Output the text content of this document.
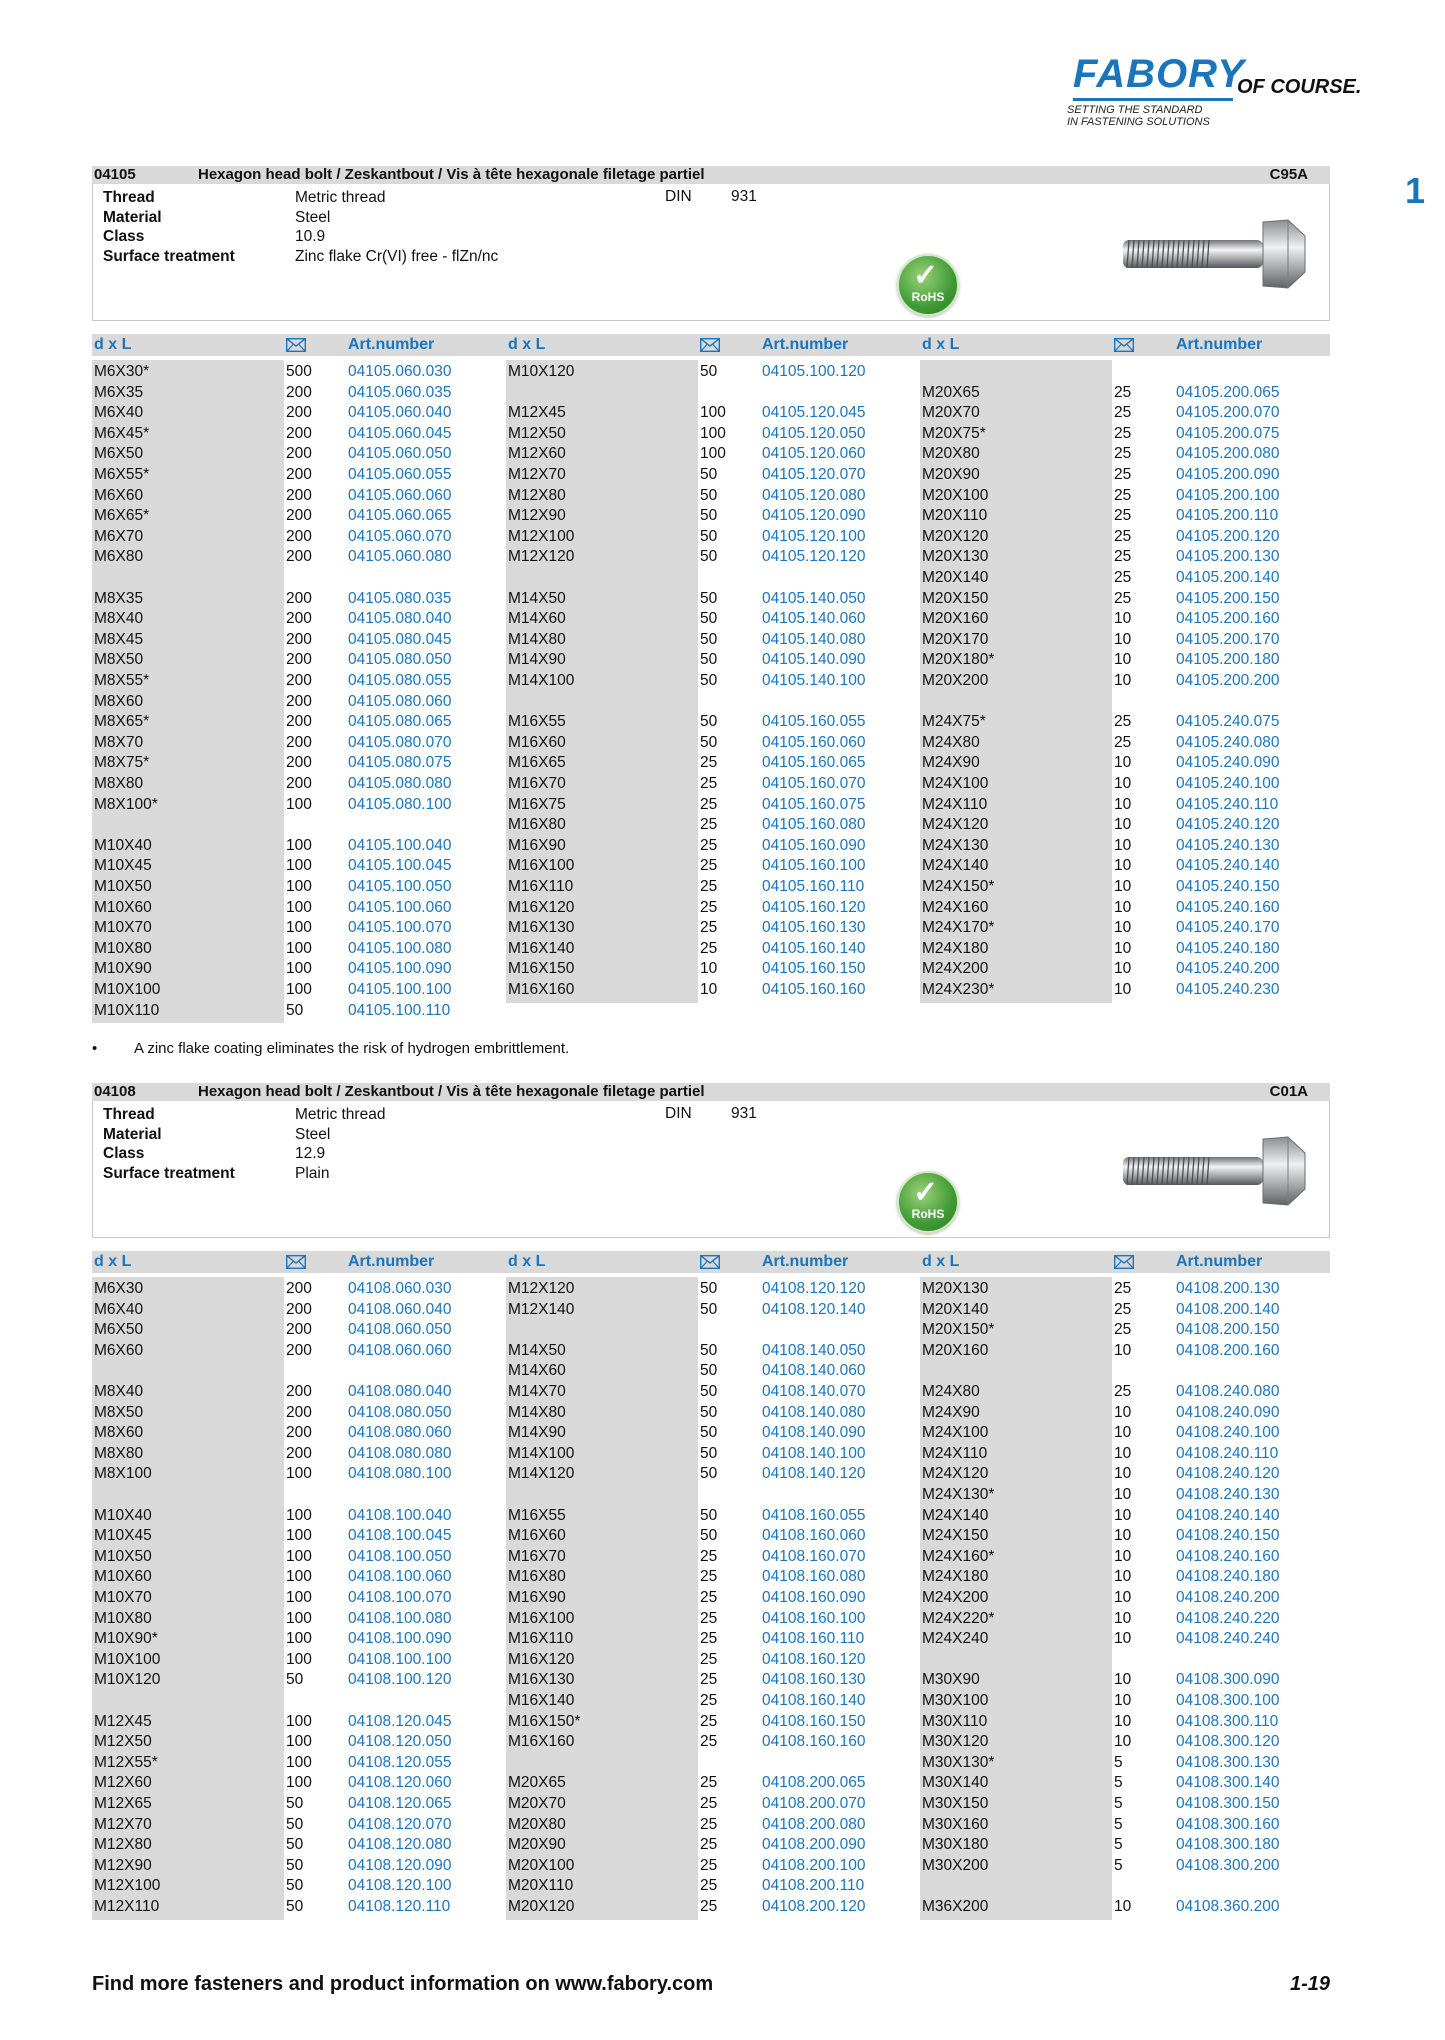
FABORY
OF COURSE.
SETTING THE STANDARD
IN FASTENING SOLUTIONS
1
04105	Hexagon head bolt / Zeskantbout / Vis à tête hexagonale filetage partiel	C95A
Thread	Metric thread
Material	Steel
Class	10.9
Surface treatment	Zinc flake Cr(VI) free - flZn/nc
DIN	931
✓
RoHS
d x L	Art.number	d x L	Art.number	d x L	Art.number
M6X30*	500 04105.060.030
M6X35	200 04105.060.035
M6X40	200 04105.060.040
M6X45*	200 04105.060.045
M6X50	200 04105.060.050
M6X55*	200 04105.060.055
M6X60	200 04105.060.060
M6X65*	200 04105.060.065
M6X70	200 04105.060.070
M6X80	200 04105.060.080
M8X35	200 04105.080.035
M8X40	200 04105.080.040
M8X45	200 04105.080.045
M8X50	200 04105.080.050
M8X55*	200 04105.080.055
M8X60	200 04105.080.060
M8X65*	200 04105.080.065
M8X70	200 04105.080.070
M8X75*	200 04105.080.075
M8X80	200 04105.080.080
M8X100*	100 04105.080.100
M10X40	100 04105.100.040
M10X45	100 04105.100.045
M10X50	100 04105.100.050
M10X60	100 04105.100.060
M10X70	100 04105.100.070
M10X80	100 04105.100.080
M10X90	100 04105.100.090
M10X100	100 04105.100.100
M10X110	50	04105.100.110
M10X120	50	04105.100.120
M12X45	100 04105.120.045
M12X50	100 04105.120.050
M12X60	100 04105.120.060
M12X70	50	04105.120.070
M12X80	50	04105.120.080
M12X90	50	04105.120.090
M12X100	50	04105.120.100
M12X120	50	04105.120.120
M14X50	50	04105.140.050
M14X60	50	04105.140.060
M14X80	50	04105.140.080
M14X90	50	04105.140.090
M14X100	50	04105.140.100
M16X55	50	04105.160.055
M16X60	50	04105.160.060
M16X65	25	04105.160.065
M16X70	25	04105.160.070
M16X75	25	04105.160.075
M16X80	25	04105.160.080
M16X90	25	04105.160.090
M16X100	25	04105.160.100
M16X110	25	04105.160.110
M16X120	25	04105.160.120
M16X130	25	04105.160.130
M16X140	25	04105.160.140
M16X150	10	04105.160.150
M16X160	10	04105.160.160
M20X65	25	04105.200.065
M20X70	25	04105.200.070
M20X75*	25	04105.200.075
M20X80	25	04105.200.080
M20X90	25	04105.200.090
M20X100	25	04105.200.100
M20X110	25	04105.200.110
M20X120	25	04105.200.120
M20X130	25	04105.200.130
M20X140	25	04105.200.140
M20X150	25	04105.200.150
M20X160	10	04105.200.160
M20X170	10	04105.200.170
M20X180*	10	04105.200.180
M20X200	10	04105.200.200
M24X75*	25	04105.240.075
M24X80	25	04105.240.080
M24X90	10	04105.240.090
M24X100	10	04105.240.100
M24X110	10	04105.240.110
M24X120	10	04105.240.120
M24X130	10	04105.240.130
M24X140	10	04105.240.140
M24X150*	10	04105.240.150
M24X160	10	04105.240.160
M24X170*	10	04105.240.170
M24X180	10	04105.240.180
M24X200	10	04105.240.200
M24X230*	10	04105.240.230
• A zinc flake coating eliminates the risk of hydrogen embrittlement.
04108	Hexagon head bolt / Zeskantbout / Vis à tête hexagonale filetage partiel	C01A
Thread	Metric thread
Material	Steel
Class	12.9
Surface treatment	Plain
DIN	931
✓
RoHS
d x L	Art.number	d x L	Art.number	d x L	Art.number
M6X30	200 04108.060.030
M6X40	200 04108.060.040
M6X50	200 04108.060.050
M6X60	200 04108.060.060
M8X40	200 04108.080.040
M8X50	200 04108.080.050
M8X60	200 04108.080.060
M8X80	200 04108.080.080
M8X100	100 04108.080.100
M10X40	100 04108.100.040
M10X45	100 04108.100.045
M10X50	100 04108.100.050
M10X60	100 04108.100.060
M10X70	100 04108.100.070
M10X80	100 04108.100.080
M10X90*	100 04108.100.090
M10X100	100 04108.100.100
M10X120	50	04108.100.120
M12X45	100 04108.120.045
M12X50	100 04108.120.050
M12X55*	100 04108.120.055
M12X60	100 04108.120.060
M12X65	50	04108.120.065
M12X70	50	04108.120.070
M12X80	50	04108.120.080
M12X90	50	04108.120.090
M12X100	50	04108.120.100
M12X110	50	04108.120.110
M12X120	50	04108.120.120
M12X140	50	04108.120.140
M14X50	50	04108.140.050
M14X60	50	04108.140.060
M14X70	50	04108.140.070
M14X80	50	04108.140.080
M14X90	50	04108.140.090
M14X100	50	04108.140.100
M14X120	50	04108.140.120
M16X55	50	04108.160.055
M16X60	50	04108.160.060
M16X70	25	04108.160.070
M16X80	25	04108.160.080
M16X90	25	04108.160.090
M16X100	25	04108.160.100
M16X110	25	04108.160.110
M16X120	25	04108.160.120
M16X130	25	04108.160.130
M16X140	25	04108.160.140
M16X150*	25	04108.160.150
M16X160	25	04108.160.160
M20X65	25	04108.200.065
M20X70	25	04108.200.070
M20X80	25	04108.200.080
M20X90	25	04108.200.090
M20X100	25	04108.200.100
M20X110	25	04108.200.110
M20X120	25	04108.200.120
M20X130	25	04108.200.130
M20X140	25	04108.200.140
M20X150*	25	04108.200.150
M20X160	10	04108.200.160
M24X80	25	04108.240.080
M24X90	10	04108.240.090
M24X100	10	04108.240.100
M24X110	10	04108.240.110
M24X120	10	04108.240.120
M24X130*	10	04108.240.130
M24X140	10	04108.240.140
M24X150	10	04108.240.150
M24X160*	10	04108.240.160
M24X180	10	04108.240.180
M24X200	10	04108.240.200
M24X220*	10	04108.240.220
M24X240	10	04108.240.240
M30X90	10	04108.300.090
M30X100	10	04108.300.100
M30X110	10	04108.300.110
M30X120	10	04108.300.120
M30X130*	5	04108.300.130
M30X140	5	04108.300.140
M30X150	5	04108.300.150
M30X160	5	04108.300.160
M30X180	5	04108.300.180
M30X200	5	04108.300.200
M36X200	10	04108.360.200
Find more fasteners and product information on www.fabory.com	1-19
